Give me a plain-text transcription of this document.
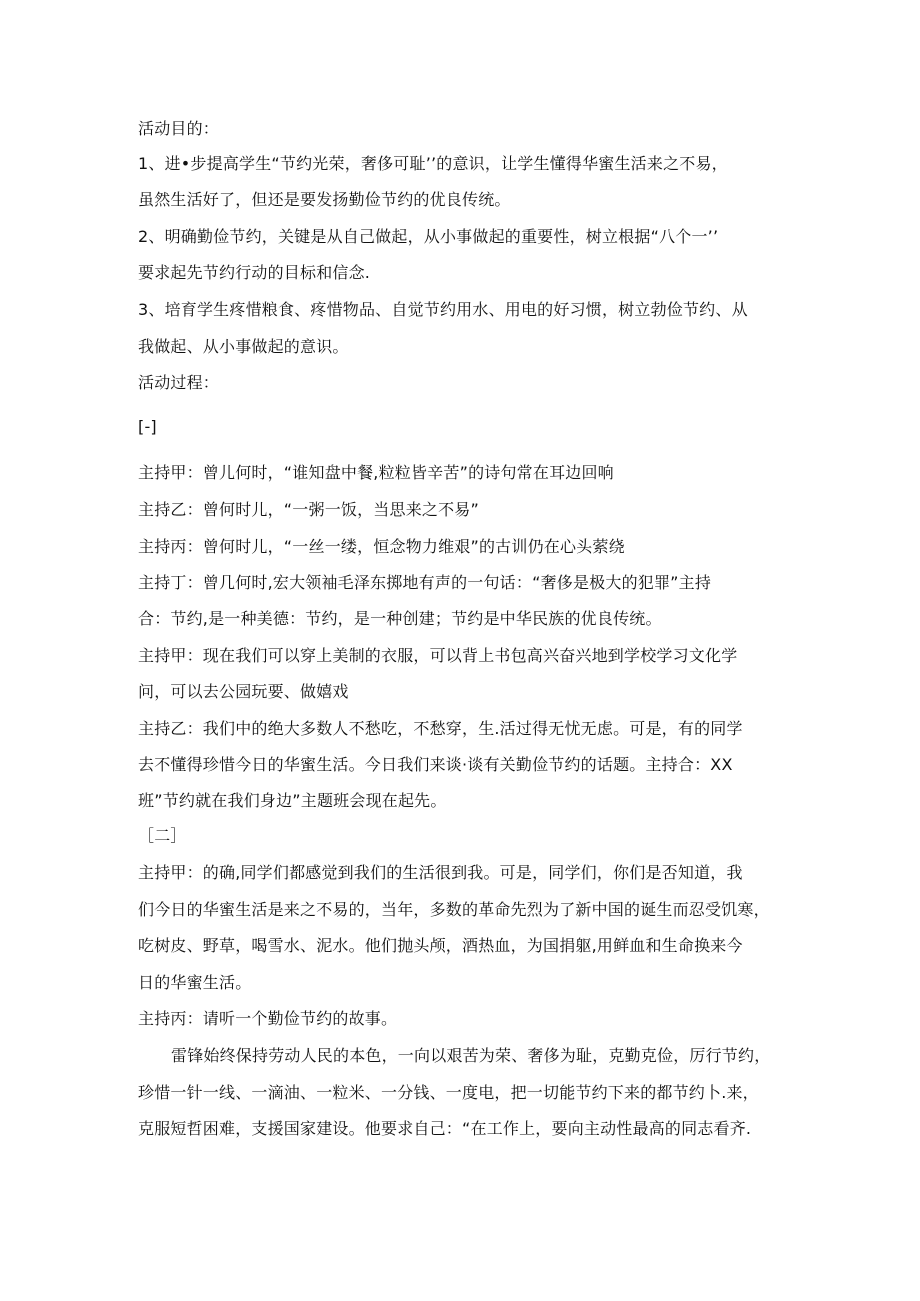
活动目的：
1、进•步提高学生“节约光荣，奢侈可耻’’的意识，让学生懂得华蜜生活来之不易，
虽然生活好了，但还是要发扬勤俭节约的优良传统。
2、明确勤俭节约，关键是从自己做起，从小事做起的重要性，树立根据“八个一’’
要求起先节约行动的目标和信念.
3、培育学生疼惜粮食、疼惜物品、自觉节约用水、用电的好习惯，树立勃俭节约、从
我做起、从小事做起的意识。
活动过程：
[-]
主持甲：曾儿何时，“谁知盘中餐,粒粒皆辛苦”的诗句常在耳边回响
主持乙：曾何时儿，“一粥一饭，当思来之不易”
主持丙：曾何时儿，“一丝一缕，恒念物力维艰”的古训仍在心头萦绕
主持丁：曾几何时,宏大领袖毛泽东掷地有声的一句话：“奢侈是极大的犯罪”主持
合：节约,是一种美德：节约，是一种创建；节约是中华民族的优良传统。
主持甲：现在我们可以穿上美制的衣服，可以背上书包高兴奋兴地到学校学习文化学
问，可以去公园玩要、做嬉戏
主持乙：我们中的绝大多数人不愁吃，不愁穿，生.活过得无忧无虑。可是，有的同学
去不懂得珍惜今日的华蜜生活。今日我们来谈·谈有关勤俭节约的话题。主持合：XX
班”节约就在我们身边”主题班会现在起先。
［二］
主持甲：的确,同学们都感觉到我们的生活很到我。可是，同学们，你们是否知道，我
们今日的华蜜生活是来之不易的，当年，多数的革命先烈为了新中国的诞生而忍受饥寒，
吃树皮、野草，喝雪水、泥水。他们抛头颅，酒热血，为国捐躯,用鲜血和生命换来今
日的华蜜生活。
主持丙：请听一个勤俭节约的故事。
雷锋始终保持劳动人民的本色，一向以艰苦为荣、奢侈为耻，克勤克俭，厉行节约，
珍惜一针一线、一滴油、一粒米、一分钱、一度电，把一切能节约下来的都节约卜.来，
克服短哲困难，支援国家建设。他要求自己：“在工作上，要向主动性最高的同志看齐.
